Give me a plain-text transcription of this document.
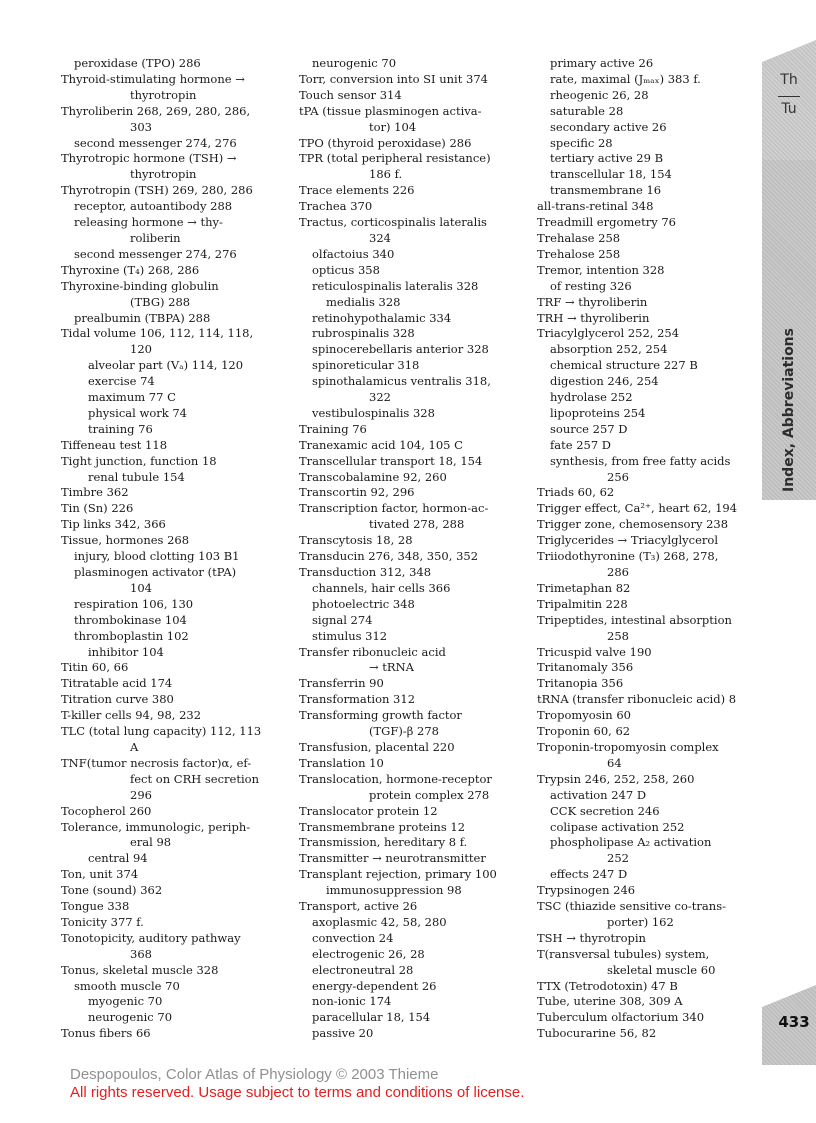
peroxidase (TPO) 286
Thyroid-stimulating hormone →
thyrotropin
Thyroliberin 268, 269, 280, 286,
303
second messenger 274, 276
Thyrotropic hormone (TSH) →
thyrotropin
Thyrotropin (TSH) 269, 280, 286
receptor, autoantibody 288
releasing hormone → thy-
roliberin
second messenger 274, 276
Thyroxine (T₄) 268, 286
Thyroxine-binding globulin
(TBG) 288
prealbumin (TBPA) 288
Tidal volume 106, 112, 114, 118,
120
alveolar part (Vₐ) 114, 120
exercise 74
maximum 77 C
physical work 74
training 76
Tiffeneau test 118
Tight junction, function 18
renal tubule 154
Timbre 362
Tin (Sn) 226
Tip links 342, 366
Tissue, hormones 268
injury, blood clotting 103 B1
plasminogen activator (tPA)
104
respiration 106, 130
thrombokinase 104
thromboplastin 102
inhibitor 104
Titin 60, 66
Titratable acid 174
Titration curve 380
T-killer cells 94, 98, 232
TLC (total lung capacity) 112, 113
A
TNF(tumor necrosis factor)α, ef-
fect on CRH secretion
296
Tocopherol 260
Tolerance, immunologic, periph-
eral 98
central 94
Ton, unit 374
Tone (sound) 362
Tongue 338
Tonicity 377 f.
Tonotopicity, auditory pathway
368
Tonus, skeletal muscle 328
smooth muscle 70
myogenic 70
neurogenic 70
Tonus fibers 66
neurogenic 70
Torr, conversion into SI unit 374
Touch sensor 314
tPA (tissue plasminogen activa-
tor) 104
TPO (thyroid peroxidase) 286
TPR (total peripheral resistance)
186 f.
Trace elements 226
Trachea 370
Tractus, corticospinalis lateralis
324
olfactoius 340
opticus 358
reticulospinalis lateralis 328
medialis 328
retinohypothalamic 334
rubrospinalis 328
spinocerebellaris anterior 328
spinoreticular 318
spinothalamicus ventralis 318,
322
vestibulospinalis 328
Training 76
Tranexamic acid 104, 105 C
Transcellular transport 18, 154
Transcobalamine 92, 260
Transcortin 92, 296
Transcription factor, hormon-ac-
tivated 278, 288
Transcytosis 18, 28
Transducin 276, 348, 350, 352
Transduction 312, 348
channels, hair cells 366
photoelectric 348
signal 274
stimulus 312
Transfer ribonucleic acid
→ tRNA
Transferrin 90
Transformation 312
Transforming growth factor
(TGF)-β 278
Transfusion, placental 220
Translation 10
Translocation, hormone-receptor
protein complex 278
Translocator protein 12
Transmembrane proteins 12
Transmission, hereditary 8 f.
Transmitter → neurotransmitter
Transplant rejection, primary 100
immunosuppression 98
Transport, active 26
axoplasmic 42, 58, 280
convection 24
electrogenic 26, 28
electroneutral 28
energy-dependent 26
non-ionic 174
paracellular 18, 154
passive 20
primary active 26
rate, maximal (Jₘₐₓ) 383 f.
rheogenic 26, 28
saturable 28
secondary active 26
specific 28
tertiary active 29 B
transcellular 18, 154
transmembrane 16
all-trans-retinal 348
Treadmill ergometry 76
Trehalase 258
Trehalose 258
Tremor, intention 328
of resting 326
TRF → thyroliberin
TRH → thyroliberin
Triacylglycerol 252, 254
absorption 252, 254
chemical structure 227 B
digestion 246, 254
hydrolase 252
lipoproteins 254
source 257 D
fate 257 D
synthesis, from free fatty acids
256
Triads 60, 62
Trigger effect, Ca²⁺, heart 62, 194
Trigger zone, chemosensory 238
Triglycerides → Triacylglycerol
Triiodothyronine (T₃) 268, 278,
286
Trimetaphan 82
Tripalmitin 228
Tripeptides, intestinal absorption
258
Tricuspid valve 190
Tritanomaly 356
Tritanopia 356
tRNA (transfer ribonucleic acid) 8
Tropomyosin 60
Troponin 60, 62
Troponin-tropomyosin complex
64
Trypsin 246, 252, 258, 260
activation 247 D
CCK secretion 246
colipase activation 252
phospholipase A₂ activation
252
effects 247 D
Trypsinogen 246
TSC (thiazide sensitive co-trans-
porter) 162
TSH → thyrotropin
T(ransversal tubules) system,
skeletal muscle 60
TTX (Tetrodotoxin) 47 B
Tube, uterine 308, 309 A
Tuberculum olfactorium 340
Tubocurarine 56, 82
Th
Tu
Index, Abbreviations
433
Despopoulos, Color Atlas of Physiology © 2003 Thieme
All rights reserved. Usage subject to terms and conditions of license.
